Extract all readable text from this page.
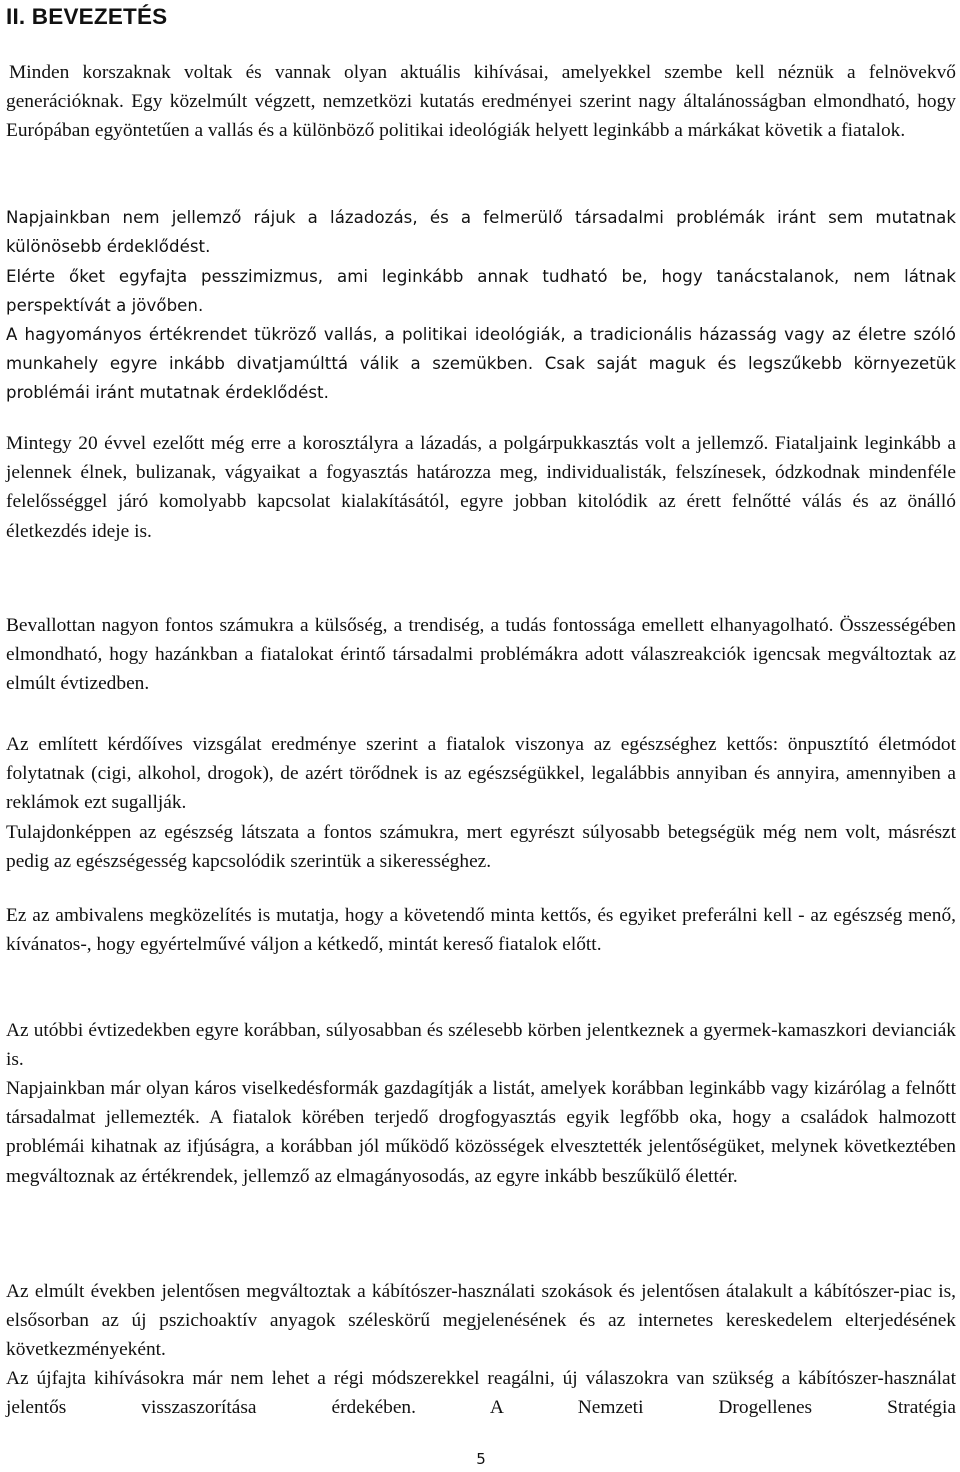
II. BEVEZETÉS

Minden korszaknak voltak és vannak olyan aktuális kihívásai, amelyekkel szembe kell néznük a felnövekvő generációknak. Egy közelmúlt végzett, nemzetközi kutatás eredményei szerint nagy általánosságban elmondható, hogy Európában egyöntetűen a vallás és a különböző politikai ideológiák helyett leginkább a márkákat követik a fiatalok.

Napjainkban nem jellemző rájuk a lázadozás, és a felmerülő társadalmi problémák iránt sem mutatnak különösebb érdeklődést.

Elérte őket egyfajta pesszimizmus, ami leginkább annak tudható be, hogy tanácstalanok, nem látnak perspektívát a jövőben.

A hagyományos értékrendet tükröző vallás, a politikai ideológiák, a tradicionális házasság vagy az életre szóló munkahely egyre inkább divatjamúlttá válik a szemükben. Csak saját maguk és legszűkebb környezetük problémái iránt mutatnak érdeklődést.

Mintegy 20 évvel ezelőtt még erre a korosztályra a lázadás, a polgárpukkasztás volt a jellemző. Fiataljaink leginkább a jelennek élnek, bulizanak, vágyaikat a fogyasztás határozza meg, individualisták, felszínesek, ódzkodnak mindenféle felelősséggel járó komolyabb kapcsolat kialakításától, egyre jobban kitolódik az érett felnőtté válás és az önálló életkezdés ideje is.

Bevallottan nagyon fontos számukra a külsőség, a trendiség, a tudás fontossága emellett elhanyagolható. Összességében elmondható, hogy hazánkban a fiatalokat érintő társadalmi problémákra adott válaszreakciók igencsak megváltoztak az elmúlt évtizedben.

Az említett kérdőíves vizsgálat eredménye szerint a fiatalok viszonya az egészséghez kettős: önpusztító életmódot folytatnak (cigi, alkohol, drogok), de azért törődnek is az egészségükkel, legalábbis annyiban és annyira, amennyiben a reklámok ezt sugallják.

Tulajdonképpen az egészség látszata a fontos számukra, mert egyrészt súlyosabb betegségük még nem volt, másrészt pedig az egészségesség kapcsolódik szerintük a sikerességhez.

Ez az ambivalens megközelítés is mutatja, hogy a követendő minta kettős, és egyiket preferálni kell - az egészség menő, kívánatos-, hogy egyértelművé váljon a kétkedő, mintát kereső fiatalok előtt.

Az utóbbi évtizedekben egyre korábban, súlyosabban és szélesebb körben jelentkeznek a gyermek-kamaszkori devianciák is.

Napjainkban már olyan káros viselkedésformák gazdagítják a listát, amelyek korábban leginkább vagy kizárólag a felnőtt társadalmat jellemezték. A fiatalok körében terjedő drogfogyasztás egyik legfőbb oka, hogy a családok halmozott problémái kihatnak az ifjúságra, a korábban jól működő közösségek elvesztették jelentőségüket, melynek következtében megváltoznak az értékrendek, jellemző az elmagányosodás, az egyre inkább beszűkülő élettér.

Az elmúlt években jelentősen megváltoztak a kábítószer-használati szokások és jelentősen átalakult a kábítószer-piac is, elsősorban az új pszichoaktív anyagok széleskörű megjelenésének és az internetes kereskedelem elterjedésének következményeként.

Az újfajta kihívásokra már nem lehet a régi módszerekkel reagálni, új válaszokra van szükség a kábítószer-használat jelentős visszaszorítása érdekében. A Nemzeti Drogellenes Stratégia

5
